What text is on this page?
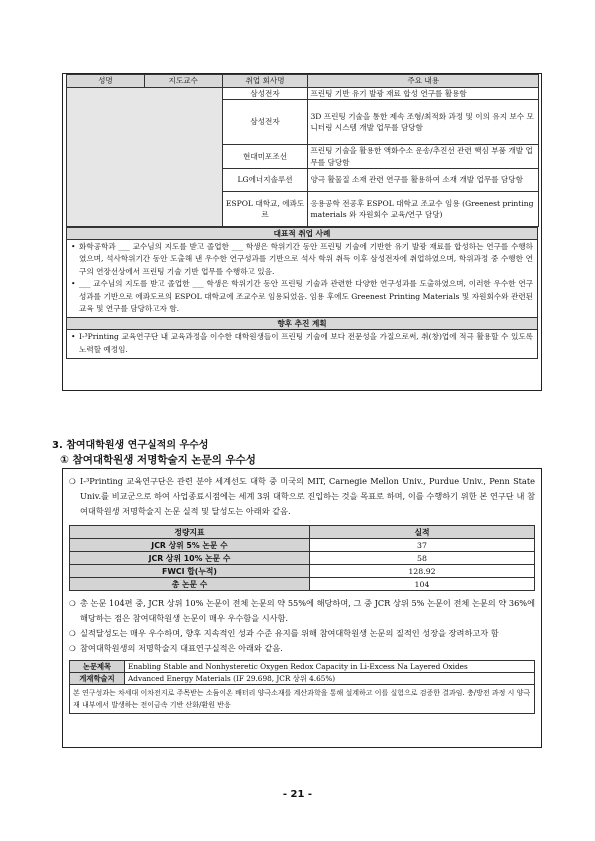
성명	지도교수	취업 회사명	주요 내용
		삼성전자	프린팅 기반 유기 발광 재료 합성 연구를 활용함
		삼성전자	3D 프린팅 기술을 통한 제속 조형/최적화 과정 및 이의 유지 보수 모니터링 시스템 개발 업무를 담당함
		현대미포조선	프린팅 기술을 활용한 액화수소 운송/추진선 관련 핵심 부품 개발 업무를 담당함
		LG에너지솔루션	양극 활물질 소재 관련 연구를 활용하여 소재 개발 업무를 담당함
		ESPOL 대학교, 에콰도르	응용공학 전공후 ESPOL 대학교 조교수 임용 (Greenest printing materials 와 자원회수 교육/연구 담당)
대표적 취업 사례
• 화학공학과 ___ 교수님의 지도를 받고 졸업한 ___ 학생은 학위기간 동안 프린팅 기술에 기반한 유기 발광 재료를 합성하는 연구를 수행하였으며, 석사학위기간 동안 도출해 낸 우수한 연구성과를 기반으로 석사 학위 취득 이후 삼성전자에 취업하였으며, 학위과정 중 수행한 연구의 연장선상에서 프린팅 기술 기반 업무를 수행하고 있음.
• ___ 교수님의 지도를 받고 졸업한 ___ 학생은 학위기간 동안 프린팅 기술과 관련한 다양한 연구성과를 도출하였으며, 이러한 우수한 연구성과를 기반으로 에콰도르의 ESPOL 대학교에 조교수로 임용되었음. 임용 후에도 Greenest Printing Materials 및 자원회수와 관련된 교육 및 연구를 담당하고자 함.
향후 추진 계획
• I-³Printing 교육연구단 내 교육과정을 이수한 대학원생들이 프린팅 기술에 보다 전문성을 가질으로써, 취(창)업에 적극 활용할 수 있도록 노력할 예정임.
3. 참여대학원생 연구실적의 우수성
① 참여대학원생 저명학술지 논문의 우수성
❍ I-³Printing 교육연구단은 관련 분야 세계선도 대학 중 미국의 MIT, Carnegie Mellon Univ., Purdue Univ., Penn State Univ.를 비교군으로 하여 사업종료시점에는 세계 3위 대학으로 진입하는 것을 목표로 하며, 이를 수행하기 위한 본 연구단 내 참여대학원생 저명학술지 논문 실적 및 달성도는 아래와 같음.
정량지표	실적
JCR 상위 5% 논문 수	37
JCR 상위 10% 논문 수	58
FWCI 합(누적)	128.92
총 논문 수	104
❍ 총 논문 104편 중, JCR 상위 10% 논문이 전체 논문의 약 55%에 해당하며, 그 중 JCR 상위 5% 논문이 전체 논문의 약 36%에 해당하는 점은 참여대학원생 논문이 매우 우수함을 시사함.
❍ 실적달성도는 매우 우수하며, 향후 지속적인 성과 수준 유지를 위해 참여대학원생 논문의 질적인 성장을 장려하고자 함
❍ 참여대학원생의 저명학술지 대표연구실적은 아래와 같음.
논문제목	Enabling Stable and Nonhysteretic Oxygen Redox Capacity in Li-Excess Na Layered Oxides
게재학술지	Advanced Energy Materials (IF 29.698, JCR 상위 4.65%)
본 연구성과는 차세대 이차전지로 주목받는 소듐이온 배터리 양극소재를 계산과학을 통해 설계하고 이를 실험으로 검증한 결과임. 충/방전 과정 시 양극재 내부에서 발생하는 전이금속 기반 산화/환원 반응	
- 21 -
